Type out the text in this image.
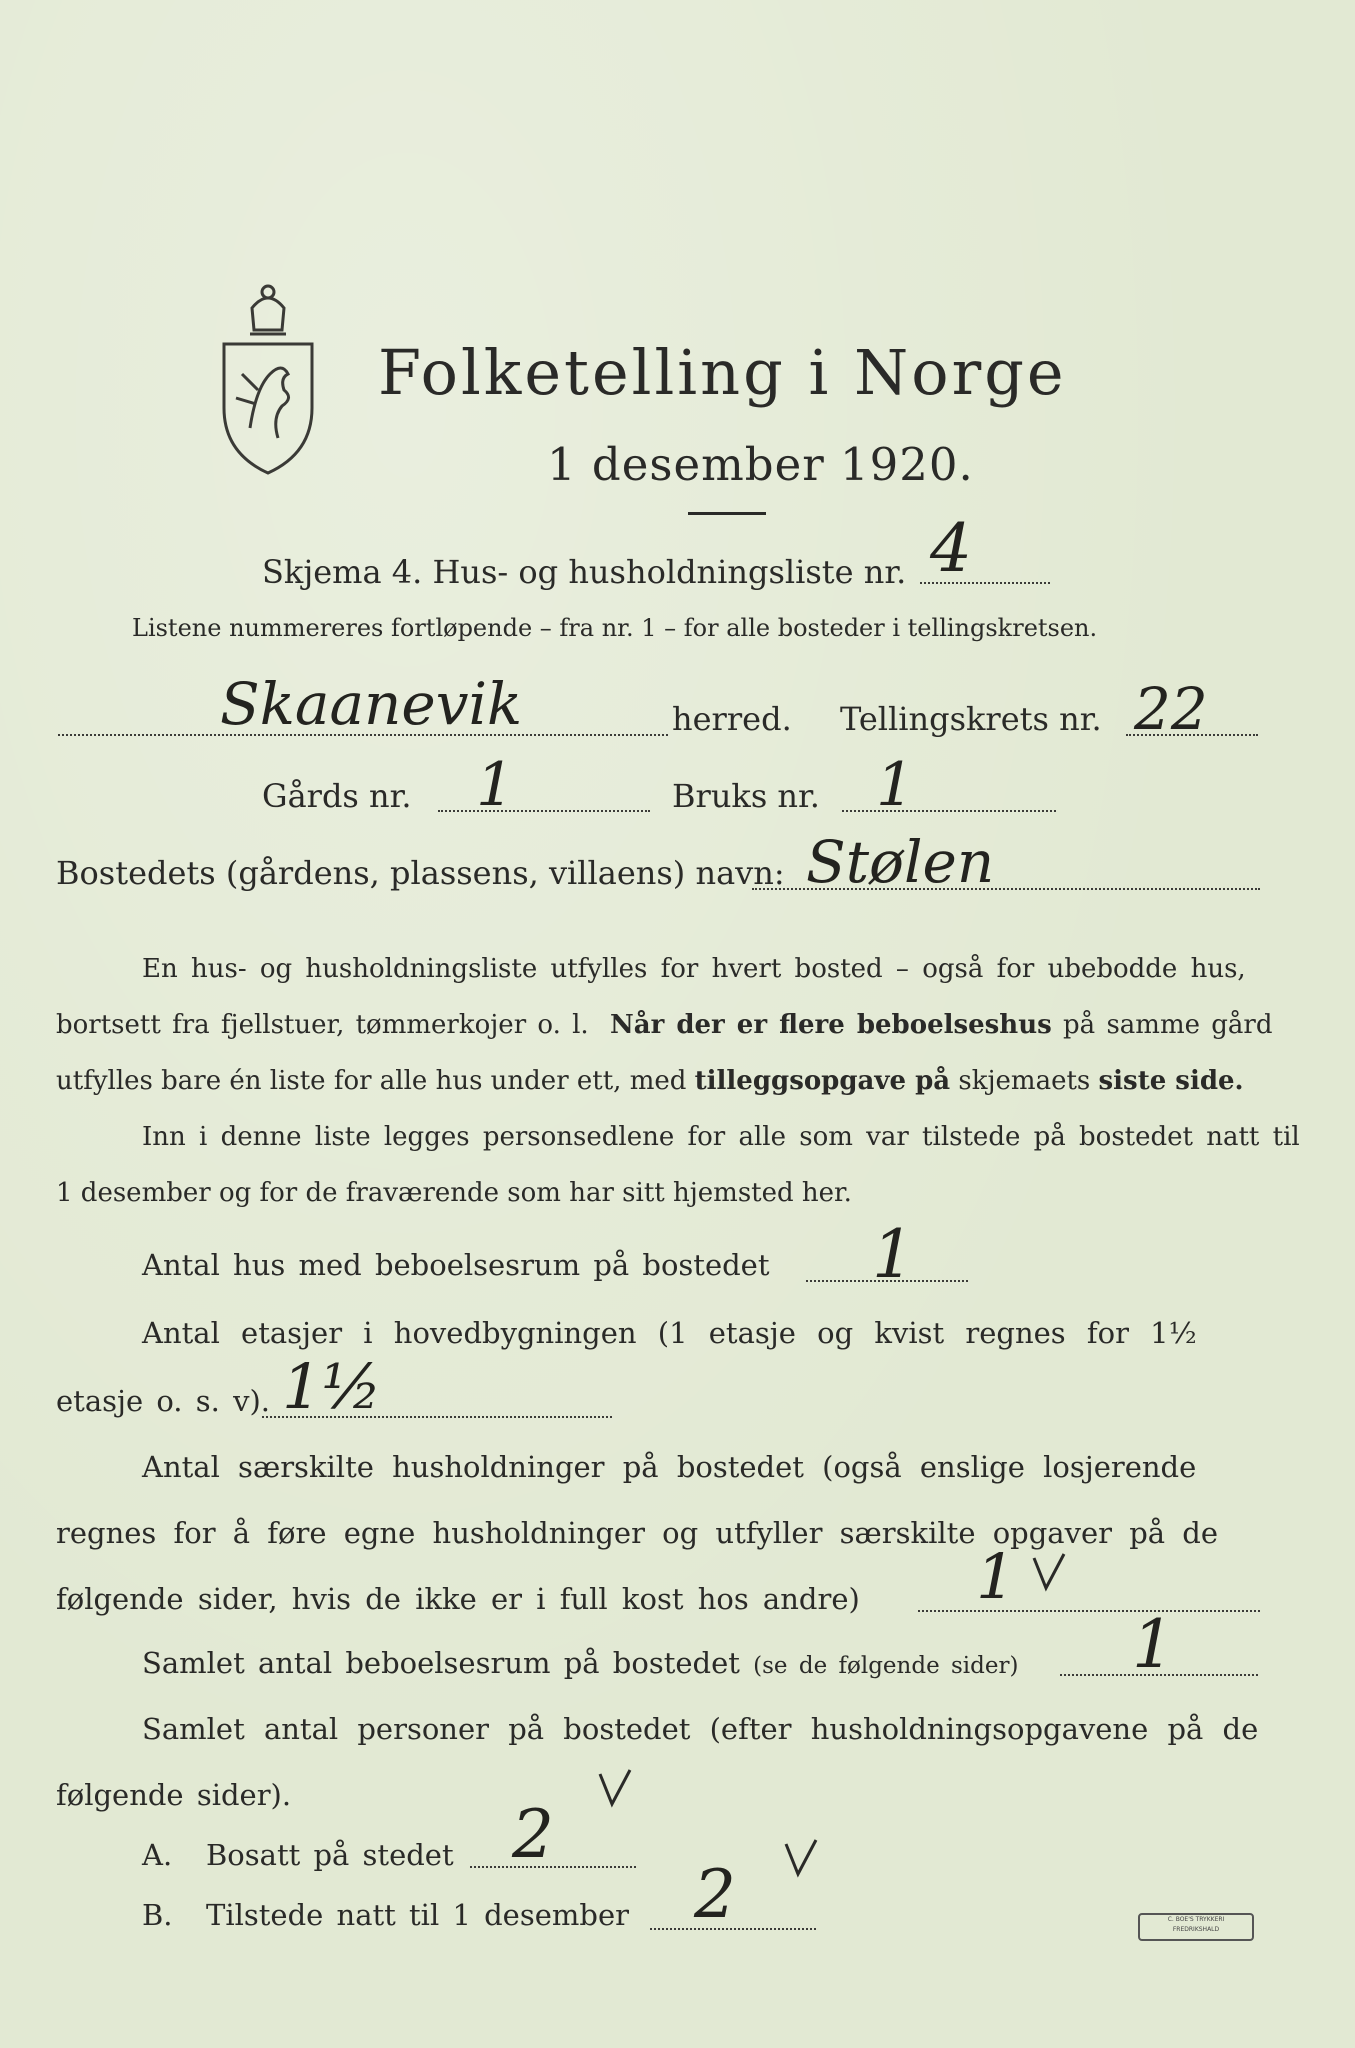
Folketelling i Norge
1 desember 1920.
Skjema 4. Hus- og husholdningsliste nr. 4
Listene nummereres fortløpende – fra nr. 1 – for alle bosteder i tellingskretsen.
Skaanevik	herred. Tellingskrets nr. 22
Gårds nr. 1	Bruks nr. 1
Bostedets (gårdens, plassens, villaens) navn: Stølen
En hus- og husholdningsliste utfylles for hvert bosted – også for ubebodde hus,
bortsett fra fjellstuer, tømmerkojer o. l. Når der er flere beboelseshus på samme gård
utfylles bare én liste for alle hus under ett, med tilleggsopgave på skjemaets siste side.
Inn i denne liste legges personsedlene for alle som var tilstede på bostedet natt til
1 desember og for de fraværende som har sitt hjemsted her.
Antal hus med beboelsesrum på bostedet 1
Antal etasjer i hovedbygningen (1 etasje og kvist regnes for 1½
etasje o. s. v). 1½
Antal særskilte husholdninger på bostedet (også enslige losjerende
regnes for å føre egne husholdninger og utfyller særskilte opgaver på de
følgende sider, hvis de ikke er i full kost hos andre) 1
Samlet antal beboelsesrum på bostedet (se de følgende sider) 1
Samlet antal personer på bostedet (efter husholdningsopgavene på de
følgende sider).
A. Bosatt på stedet 2
B. Tilstede natt til 1 desember 2	C. BOE'S TRYKKERI
FREDRIKSHALD
